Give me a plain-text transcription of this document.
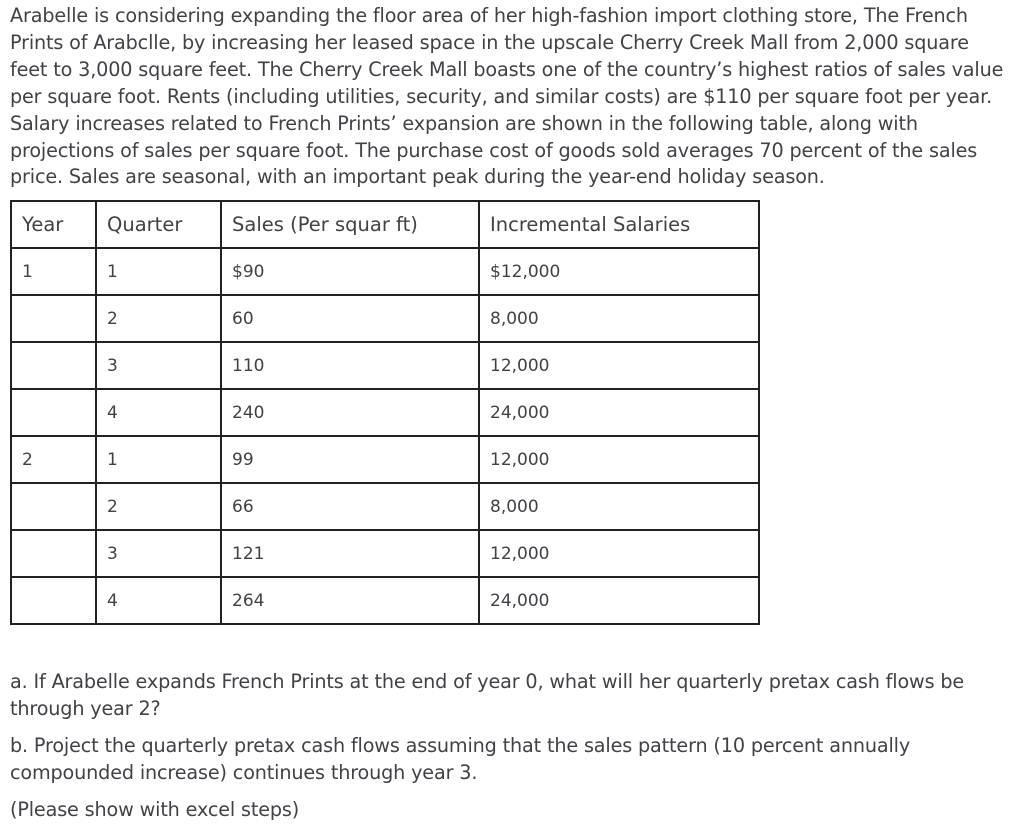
Arabelle is considering expanding the floor area of her high-fashion import clothing store, The French Prints of Arabclle, by increasing her leased space in the upscale Cherry Creek Mall from 2,000 square feet to 3,000 square feet. The Cherry Creek Mall boasts one of the country’s highest ratios of sales value per square foot. Rents (including utilities, security, and similar costs) are $110 per square foot per year. Salary increases related to French Prints’ expansion are shown in the following table, along with projections of sales per square foot. The purchase cost of goods sold averages 70 percent of the sales price. Sales are seasonal, with an important peak during the year-end holiday season.

Year	Quarter	Sales (Per squar ft)	Incremental Salaries
1	1	$90	$12,000
	2	60	8,000
	3	110	12,000
	4	240	24,000
2	1	99	12,000
	2	66	8,000
	3	121	12,000
	4	264	24,000

a. If Arabelle expands French Prints at the end of year 0, what will her quarterly pretax cash flows be through year 2?

b. Project the quarterly pretax cash flows assuming that the sales pattern (10 percent annually compounded increase) continues through year 3.

(Please show with excel steps)
